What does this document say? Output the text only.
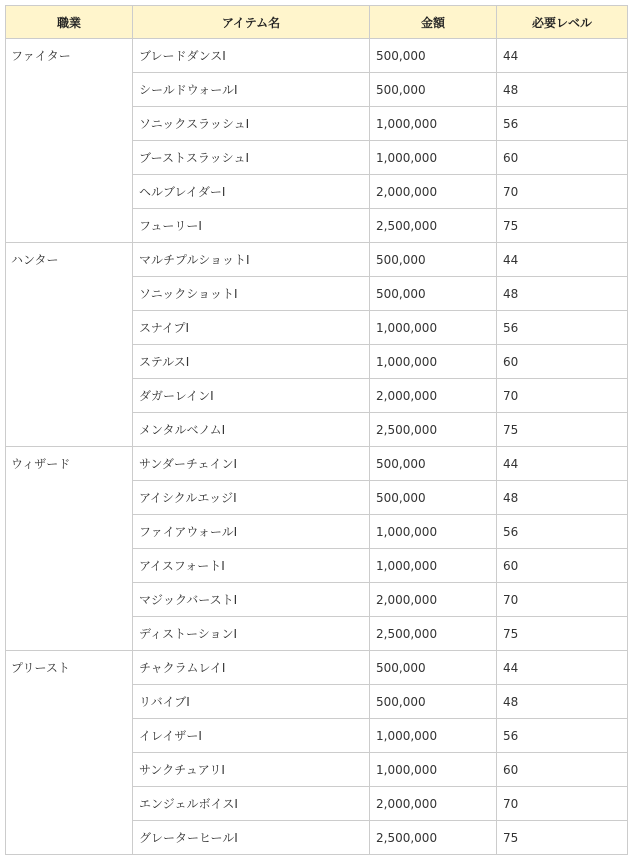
職業	アイテム名	金額	必要レベル
ファイター	ブレードダンスⅠ	500,000	44
	シールドウォールⅠ	500,000	48
	ソニックスラッシュⅠ	1,000,000	56
	ブーストスラッシュⅠ	1,000,000	60
	ヘルブレイダーⅠ	2,000,000	70
	フューリーⅠ	2,500,000	75
ハンター	マルチプルショットⅠ	500,000	44
	ソニックショットⅠ	500,000	48
	スナイプⅠ	1,000,000	56
	ステルスⅠ	1,000,000	60
	ダガーレインⅠ	2,000,000	70
	メンタルベノムⅠ	2,500,000	75
ウィザード	サンダーチェインⅠ	500,000	44
	アイシクルエッジⅠ	500,000	48
	ファイアウォールⅠ	1,000,000	56
	アイスフォートⅠ	1,000,000	60
	マジックバーストⅠ	2,000,000	70
	ディストーションⅠ	2,500,000	75
プリースト	チャクラムレイⅠ	500,000	44
	リバイブⅠ	500,000	48
	イレイザーⅠ	1,000,000	56
	サンクチュアリⅠ	1,000,000	60
	エンジェルボイスⅠ	2,000,000	70
	グレーターヒールⅠ	2,500,000	75
